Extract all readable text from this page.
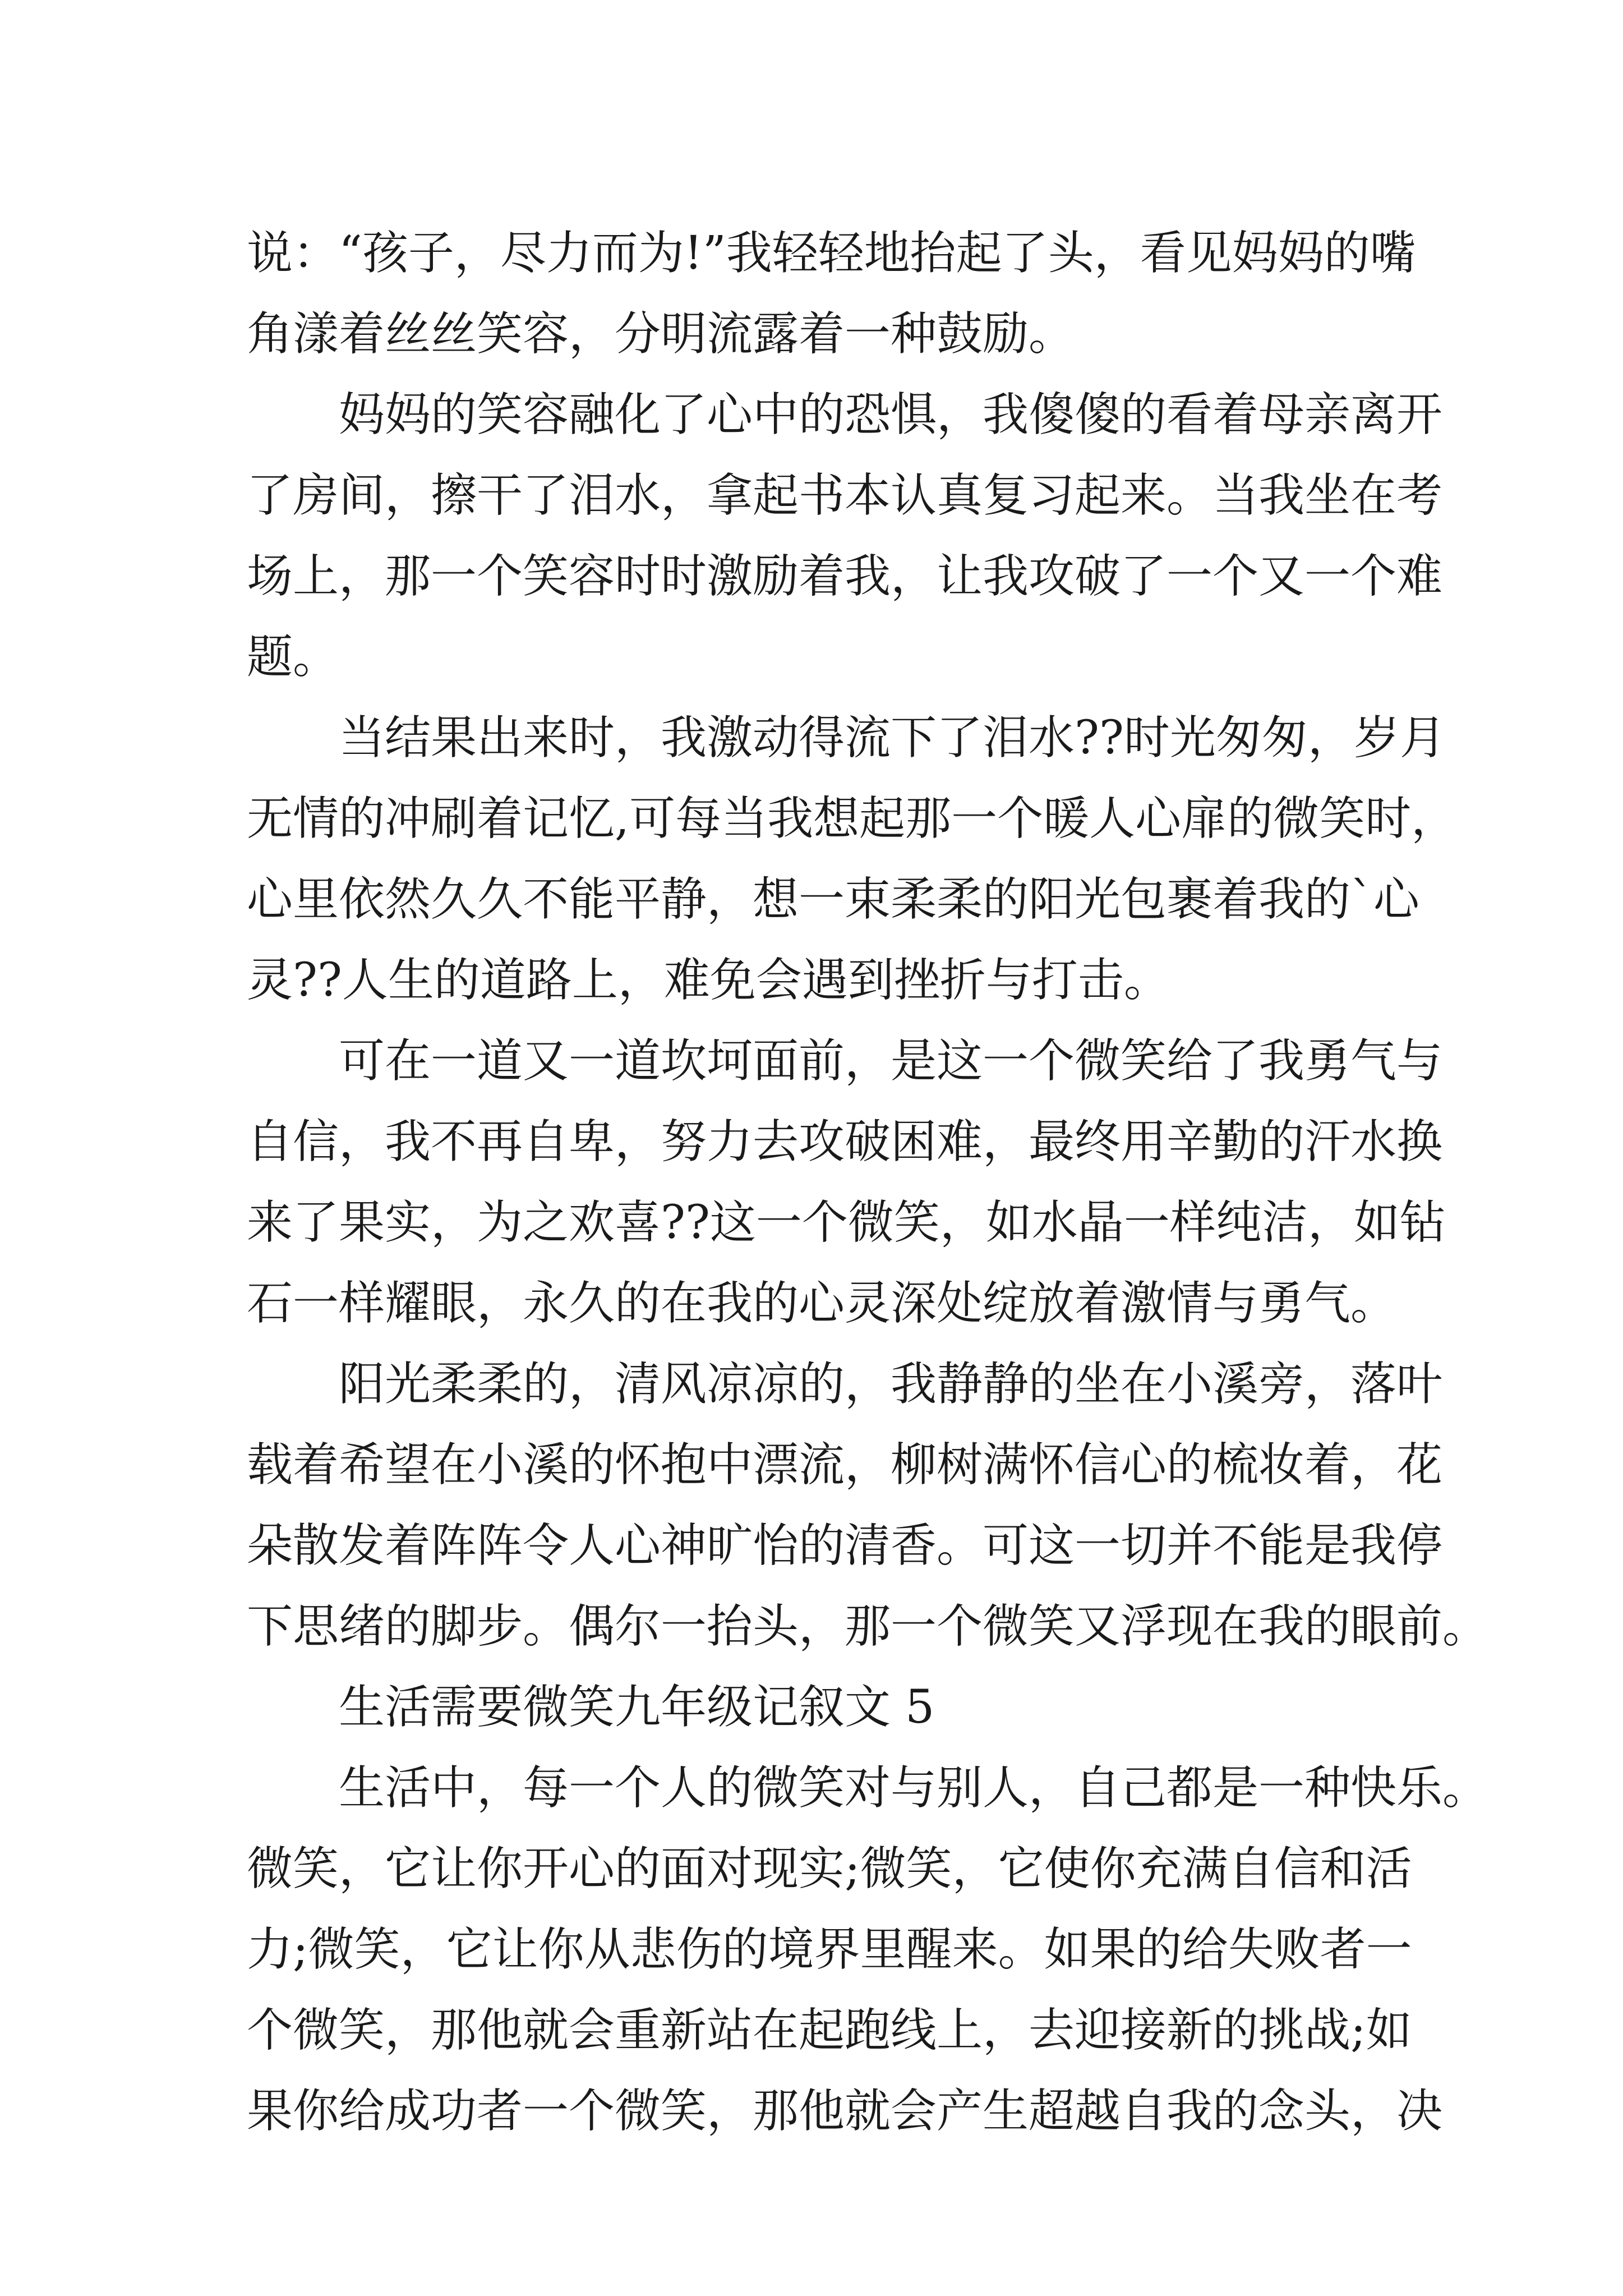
说：“孩子，尽力而为!”我轻轻地抬起了头，看见妈妈的嘴
角漾着丝丝笑容，分明流露着一种鼓励。
妈妈的笑容融化了心中的恐惧，我傻傻的看着母亲离开
了房间，擦干了泪水，拿起书本认真复习起来。当我坐在考
场上，那一个笑容时时激励着我，让我攻破了一个又一个难
题。
当结果出来时，我激动得流下了泪水??时光匆匆，岁月
无情的冲刷着记忆,可每当我想起那一个暖人心扉的微笑时，
心里依然久久不能平静，想一束柔柔的阳光包裹着我的`心
灵??人生的道路上，难免会遇到挫折与打击。
可在一道又一道坎坷面前，是这一个微笑给了我勇气与
自信，我不再自卑，努力去攻破困难，最终用辛勤的汗水换
来了果实，为之欢喜??这一个微笑，如水晶一样纯洁，如钻
石一样耀眼，永久的在我的心灵深处绽放着激情与勇气。
阳光柔柔的，清风凉凉的，我静静的坐在小溪旁，落叶
载着希望在小溪的怀抱中漂流，柳树满怀信心的梳妆着，花
朵散发着阵阵令人心神旷怡的清香。可这一切并不能是我停
下思绪的脚步。偶尔一抬头，那一个微笑又浮现在我的眼前。
生活需要微笑九年级记叙文 5
生活中，每一个人的微笑对与别人，自己都是一种快乐。
微笑，它让你开心的面对现实;微笑，它使你充满自信和活
力;微笑，它让你从悲伤的境界里醒来。如果的给失败者一
个微笑，那他就会重新站在起跑线上，去迎接新的挑战;如
果你给成功者一个微笑，那他就会产生超越自我的念头，决
